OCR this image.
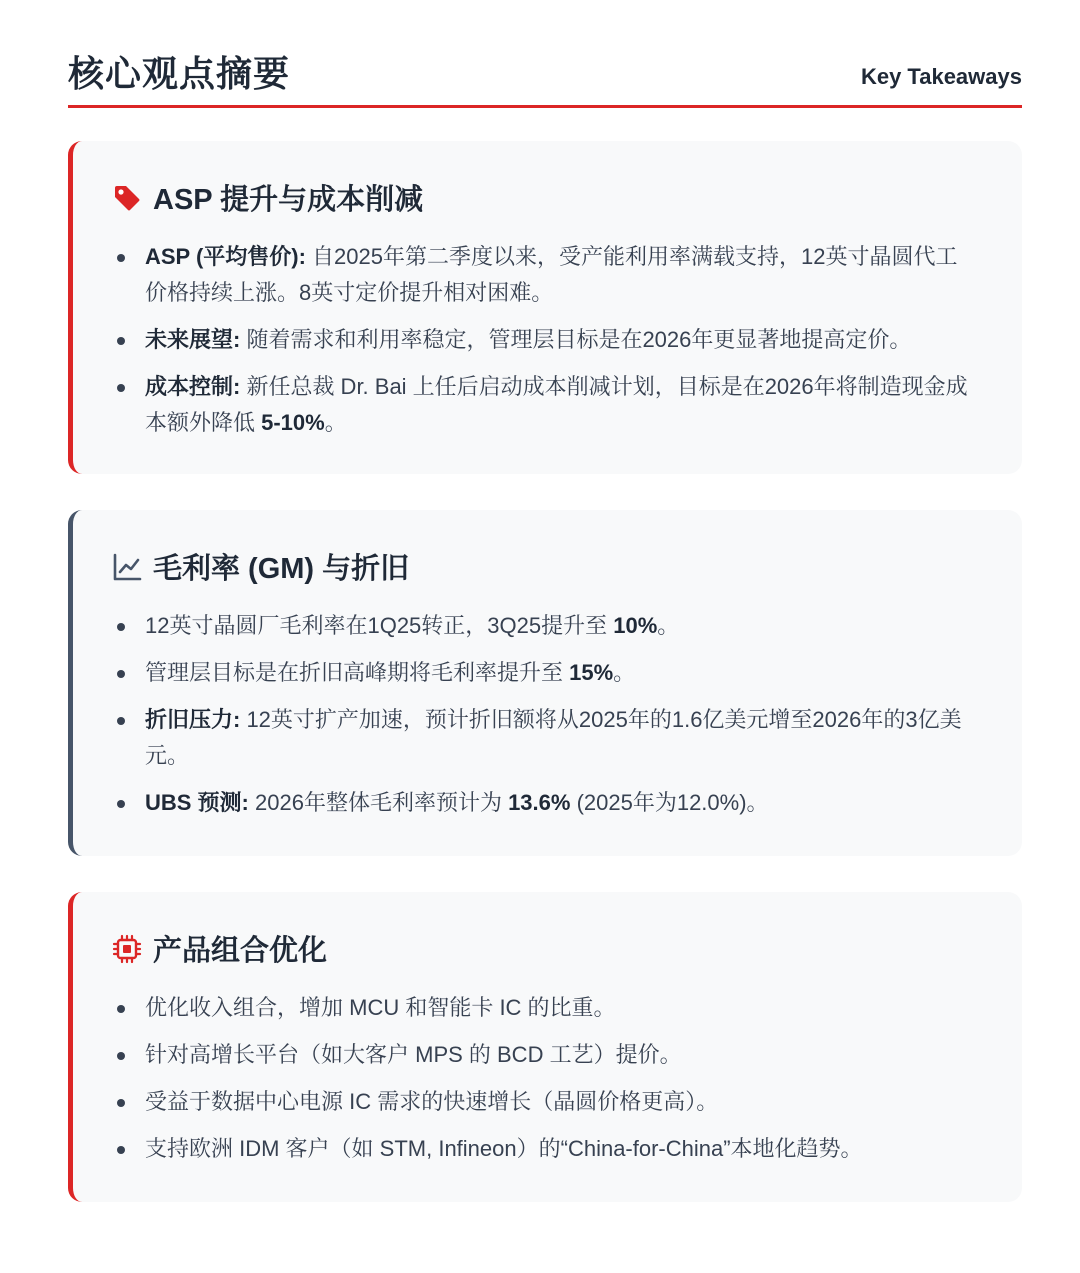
核心观点摘要	Key Takeaways
ASP 提升与成本削减
ASP (平均售价): 自2025年第二季度以来，受产能利用率满载支持，12英寸晶圆代工价格持续上涨。8英寸定价提升相对困难。
未来展望: 随着需求和利用率稳定，管理层目标是在2026年更显著地提高定价。
成本控制: 新任总裁 Dr. Bai 上任后启动成本削减计划，目标是在2026年将制造现金成本额外降低 5-10%。
毛利率 (GM) 与折旧
12英寸晶圆厂毛利率在1Q25转正，3Q25提升至 10%。
管理层目标是在折旧高峰期将毛利率提升至 15%。
折旧压力: 12英寸扩产加速，预计折旧额将从2025年的1.6亿美元增至2026年的3亿美元。
UBS 预测: 2026年整体毛利率预计为 13.6% (2025年为12.0%)。
产品组合优化
优化收入组合，增加 MCU 和智能卡 IC 的比重。
针对高增长平台（如大客户 MPS 的 BCD 工艺）提价。
受益于数据中心电源 IC 需求的快速增长（晶圆价格更高）。
支持欧洲 IDM 客户（如 STM, Infineon）的“China-for-China”本地化趋势。
